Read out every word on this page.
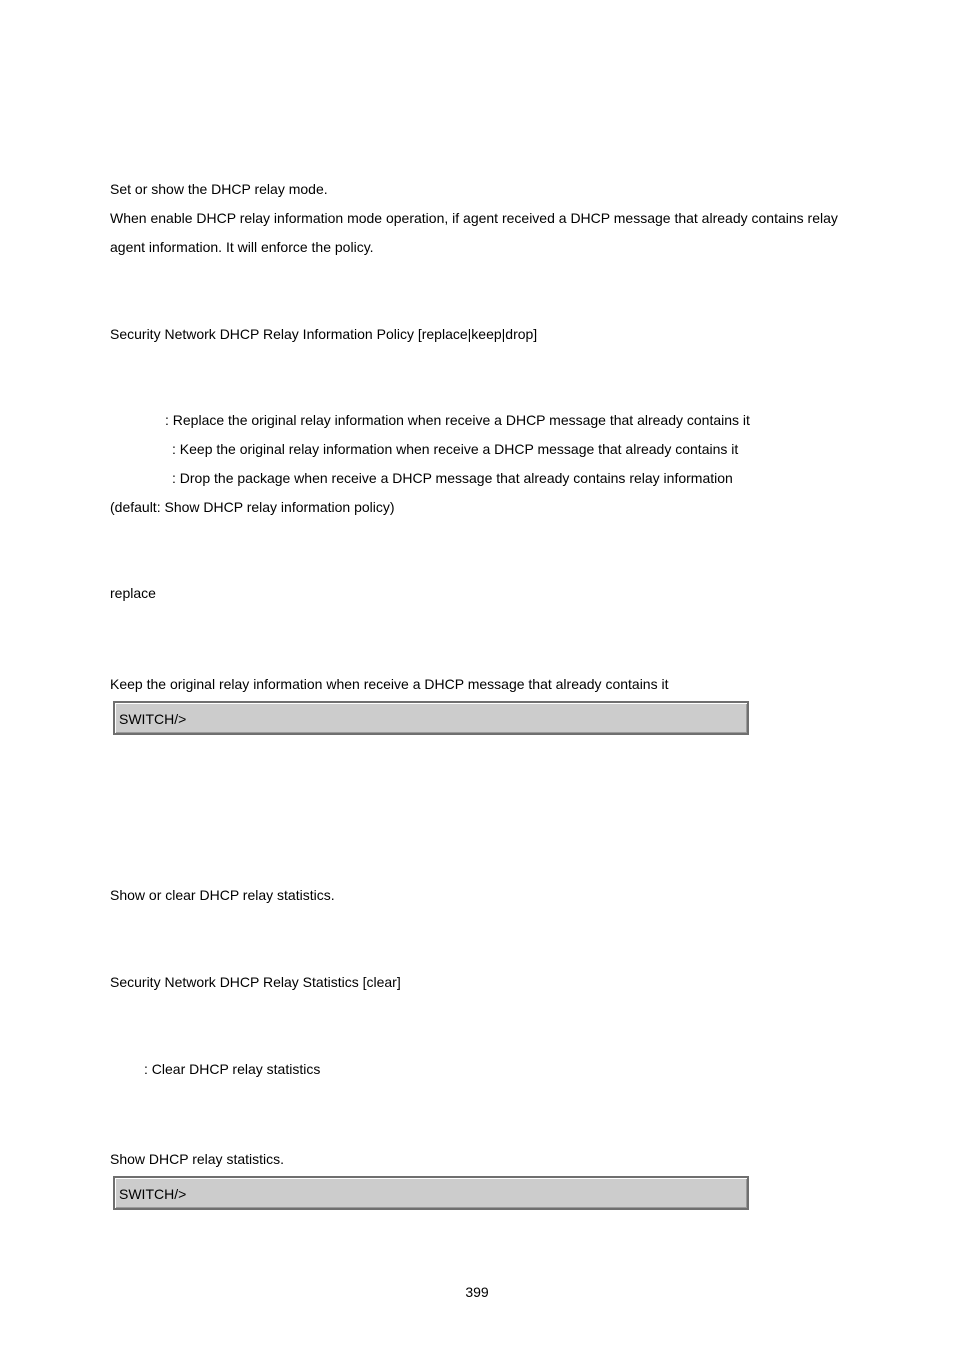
Set or show the DHCP relay mode.
When enable DHCP relay information mode operation, if agent received a DHCP message that already contains relay
agent information. It will enforce the policy.
Security Network DHCP Relay Information Policy [replace|keep|drop]
: Replace the original relay information when receive a DHCP message that already contains it
: Keep the original relay information when receive a DHCP message that already contains it
: Drop the package when receive a DHCP message that already contains relay information
(default: Show DHCP relay information policy)
replace
Keep the original relay information when receive a DHCP message that already contains it
SWITCH/>
Show or clear DHCP relay statistics.
Security Network DHCP Relay Statistics [clear]
: Clear DHCP relay statistics
Show DHCP relay statistics.
SWITCH/>
399
